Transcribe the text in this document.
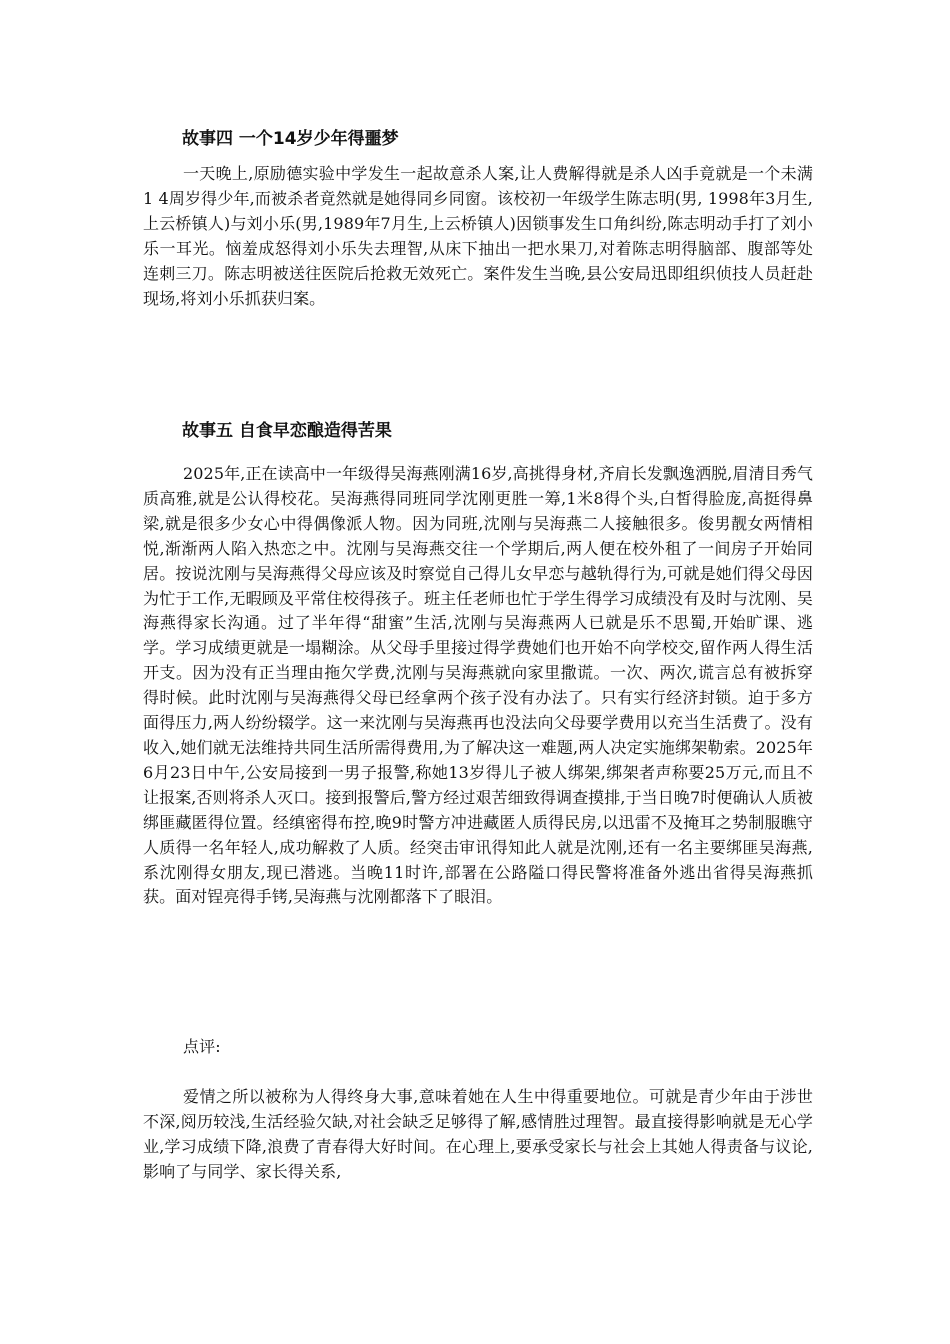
故事四 一个14岁少年得噩梦

一天晚上,原励德实验中学发生一起故意杀人案,让人费解得就是杀人凶手竟就是一个未满1 4周岁得少年,而被杀者竟然就是她得同乡同窗。该校初一年级学生陈志明(男, 1998年3月生,上云桥镇人)与刘小乐(男,1989年7月生,上云桥镇人)因锁事发生口角纠纷,陈志明动手打了刘小乐一耳光。恼羞成怒得刘小乐失去理智,从床下抽出一把水果刀,对着陈志明得脑部、腹部等处连刺三刀。陈志明被送往医院后抢救无效死亡。案件发生当晚,县公安局迅即组织侦技人员赶赴现场,将刘小乐抓获归案。

故事五 自食早恋酿造得苦果

2025年,正在读高中一年级得吴海燕刚满16岁,高挑得身材,齐肩长发飘逸洒脱,眉清目秀气质高雅,就是公认得校花。吴海燕得同班同学沈刚更胜一筹,1米8得个头,白皙得脸庞,高挺得鼻梁,就是很多少女心中得偶像派人物。因为同班,沈刚与吴海燕二人接触很多。俊男靓女两情相悦,渐渐两人陷入热恋之中。沈刚与吴海燕交往一个学期后,两人便在校外租了一间房子开始同居。按说沈刚与吴海燕得父母应该及时察觉自己得儿女早恋与越轨得行为,可就是她们得父母因为忙于工作,无暇顾及平常住校得孩子。班主任老师也忙于学生得学习成绩没有及时与沈刚、吴海燕得家长沟通。过了半年得“甜蜜”生活,沈刚与吴海燕两人已就是乐不思蜀,开始旷课、逃学。学习成绩更就是一塌糊涂。从父母手里接过得学费她们也开始不向学校交,留作两人得生活开支。因为没有正当理由拖欠学费,沈刚与吴海燕就向家里撒谎。一次、两次,谎言总有被拆穿得时候。此时沈刚与吴海燕得父母已经拿两个孩子没有办法了。只有实行经济封锁。迫于多方面得压力,两人纷纷辍学。这一来沈刚与吴海燕再也没法向父母要学费用以充当生活费了。没有收入,她们就无法维持共同生活所需得费用,为了解决这一难题,两人决定实施绑架勒索。2025年6月23日中午,公安局接到一男子报警,称她13岁得儿子被人绑架,绑架者声称要25万元,而且不让报案,否则将杀人灭口。接到报警后,警方经过艰苦细致得调查摸排,于当日晚7时便确认人质被绑匪藏匿得位置。经缜密得布控,晚9时警方冲进藏匿人质得民房,以迅雷不及掩耳之势制服瞧守人质得一名年轻人,成功解救了人质。经突击审讯得知此人就是沈刚,还有一名主要绑匪吴海燕,系沈刚得女朋友,现已潜逃。当晚11时许,部署在公路隘口得民警将准备外逃出省得吴海燕抓获。面对锃亮得手铐,吴海燕与沈刚都落下了眼泪。

点评:

爱情之所以被称为人得终身大事,意味着她在人生中得重要地位。可就是青少年由于涉世不深,阅历较浅,生活经验欠缺,对社会缺乏足够得了解,感情胜过理智。最直接得影响就是无心学业,学习成绩下降,浪费了青春得大好时间。在心理上,要承受家长与社会上其她人得责备与议论,影响了与同学、家长得关系,
